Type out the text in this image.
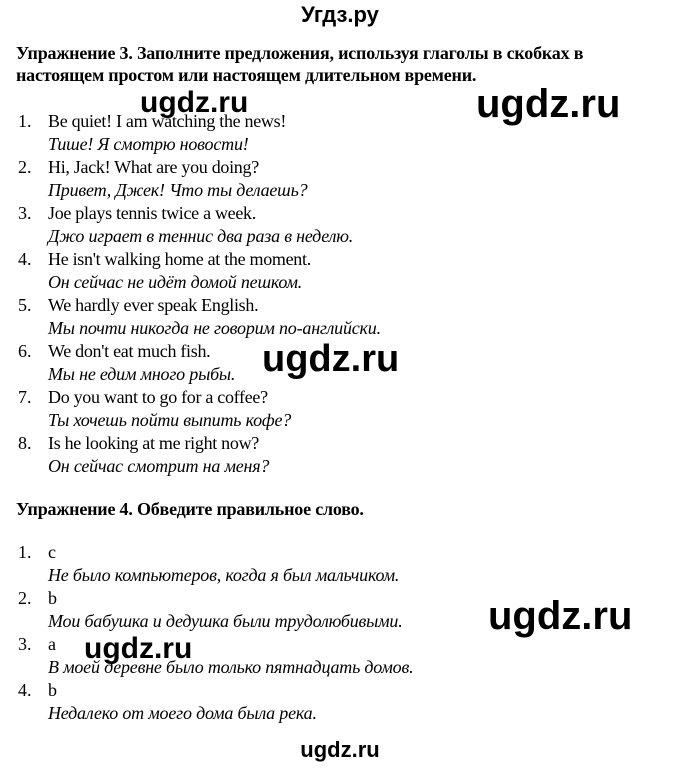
Угдз.ру
Упражнение 3. Заполните предложения, используя глаголы в скобках в настоящем простом или настоящем длительном времени.
1. Be quiet! I am watching the news!
Тише! Я смотрю новости!
2. Hi, Jack! What are you doing?
Привет, Джек! Что ты делаешь?
3. Joe plays tennis twice a week.
Джо играет в теннис два раза в неделю.
4. He isn't walking home at the moment.
Он сейчас не идёт домой пешком.
5. We hardly ever speak English.
Мы почти никогда не говорим по-английски.
6. We don't eat much fish.
Мы не едим много рыбы.
7. Do you want to go for a coffee?
Ты хочешь пойти выпить кофе?
8. Is he looking at me right now?
Он сейчас смотрит на меня?
Упражнение 4. Обведите правильное слово.
1. c
Не было компьютеров, когда я был мальчиком.
2. b
Мои бабушка и дедушка были трудолюбивыми.
3. a
В моей деревне было только пятнадцать домов.
4. b
Недалеко от моего дома была река.
ugdz.ru	ugdz.ru
ugdz.ru
ugdz.ru
ugdz.ru
ugdz.ru
